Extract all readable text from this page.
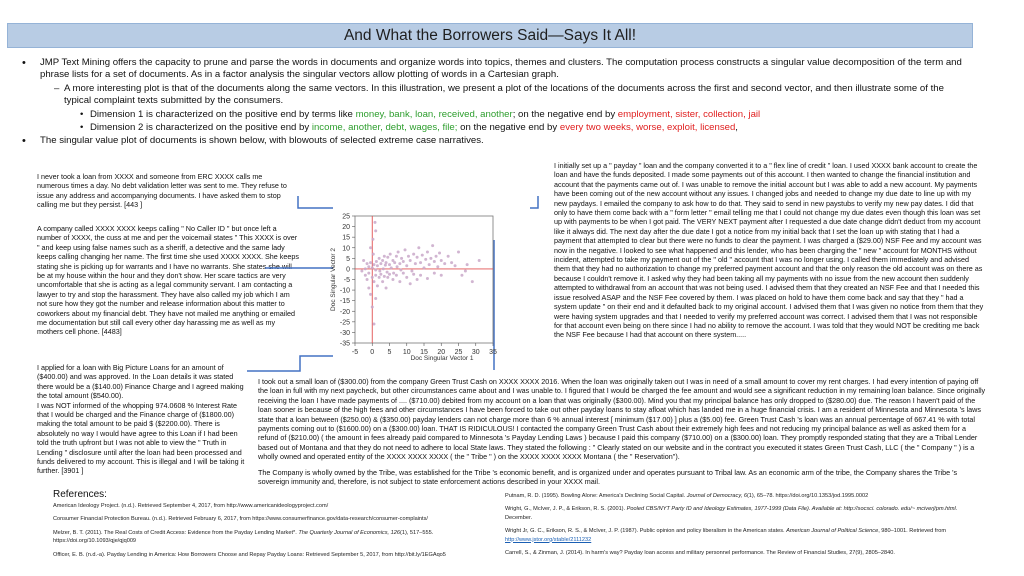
And What the Borrowers Said—Says It All!
•	JMP Text Mining offers the capacity to prune and parse the words in documents and organize words into topics, themes and clusters. The computation process constructs a singular value decomposition of the term and phrase lists for a set of documents. As in a factor analysis the singular vectors allow plotting of words in a Cartesian graph.
– A more interesting plot is that of the documents along the same vectors. In this illustration, we present a plot of the locations of the documents across the first and second vector, and then illustrate some of the typical complaint texts submitted by the consumers.
• Dimension 1 is characterized on the positive end by terms like money, bank, loan, received, another; on the negative end by employment, sister, collection, jail
• Dimension 2 is characterized on the positive end by income, another, debt, wages, file; on the negative end by every two weeks, worse, exploit, licensed,
•	The singular value plot of documents is shown below, with blowouts of selected extreme case narratives.
I never took a loan from XXXX and someone from ERC XXXX calls me numerous times a day. No debt validation letter was sent to me. They refuse to issue any address and accompanying documents. I have asked them to stop calling me but they persist. [443 ]
A company called XXXX XXXX keeps calling " No Caller ID " but once left a number of XXXX, the cuss at me and per the voicemail states " This XXXX is over " and keep using false names such as a sheriff, a detective and the same lady keeps calling changing her name. The first time she used XXXX XXXX. She keeps stating she is picking up for warrants and I have no warrants. She states she will be at my house within the hour and they don't show. Her scare tactics are very uncomfortable that she is acting as a legal community servant. I am contacting a lawyer to try and stop the harassment. They have also called my job which I am not sure how they got the number and release information about this matter to coworkers about my financial debt. They have not mailed me anything or emailed me documentation but still call every other day harassing me as well as my mothers cell phone. [4483]
I applied for a loan with Big Picture Loans for an amount of ($400.00) and was approved. In the Loan details it was stated there would be a ($140.00) Finance Charge and I agreed making the total amount ($540.00).
I was NOT informed of the whopping 974.0608 % Interest Rate that I would be charged and the Finance charge of ($1800.00) making the total amount to be paid $ ($2200.00). There is absolutely no way I would have agree to this Loan if I had been told the truth upfront but I was not able to view the " Truth in Lending " disclosure until after the loan had been processed and funds delivered to my account. This is illegal and I will be taking it further. [3901 ]
I initially set up a " payday " loan and the company converted it to a " flex line of credit " loan. I used XXXX bank account to create the loan and have the funds deposited. I made some payments out of this account. I then wanted to change the financial institution and account that the payments came out of. I was unable to remove the initial account but I was able to add a new account. My payments have been coming out of the new account without any issues. I changed jobs and needed to change my due date to line up with my new paydays. I emailed the company to ask how to do that. They said to send in new paystubs to verify my new pay dates. I did that only to have them come back with a " form letter " email telling me that I could not change my due dates even though this loan was set up with payments to be when I got paid. The VERY NEXT payment after I requested a due date change didn't deduct from my account like it always did. The next day after the due date I got a notice from my initial back that I set the loan up with stating that I had a payment that attempted to clear but there were no funds to clear the payment. I was charged a ($29.00) NSF Fee and my account was now in the negative. I looked to see what happened and this lender, who has been charging the " new " account for MONTHS without incident, attempted to take my payment out of the " old " account that I was no longer using. I called them immediately and advised them that they had no authorization to change my preferred payment account and that the only reason the old account was on there as because I couldn't remove it. I asked why they had been taking all my payments with no issue from the new account then suddenly attempted to withdrawal from an account that was not being used. I advised them that they created an NSF Fee and that I needed this issue resolved ASAP and the NSF Fee covered by them. I was placed on hold to have them come back and say that they " had a system update " on their end and it defaulted back to my original account. I advised them that I was given no notice from them that they were having system upgrades and that I needed to verify my preferred account was correct. I advised them that I was not responsible for that account even being on there since I had no ability to remove the account. I was told that they would NOT be crediting me back the NSF Fee because I had that account on there system.....
I took out a small loan of ($300.00) from the company Green Trust Cash on XXXX XXXX 2016. When the loan was originally taken out I was in need of a small amount to cover my rent charges. I had every intention of paying off the loan in full with my next paycheck, but other circumstances came about and I was unable to. I figured that I would be charged the fee amount and would see a significant reduction in my remaining loan balance. Since originally receiving the loan I have made payments of .... ($710.00) debited from my account on a loan that was originally ($300.00). Mind you that my principal balance has only dropped to ($280.00) due. The reason I haven't paid of the loan sooner is because of the high fees and other circumstances I have been forced to take out other payday loans to stay afloat which has landed me in a huge financial crisis. I am a resident of Minnesota and Minnesota 's laws state that a loan between ($250.00) & ($350.00) payday lenders can not charge more than 6 % annual interest [ minimum ($17.00) ] plus a ($5.00) fee. Green Trust Cash 's loan was an annual percentage of 667.41 % with total payments coming out to ($1600.00) on a ($300.00) loan. THAT IS RIDICULOUS! I contacted the company Green Trust Cash about their extremely high fees and not reducing my principal balance as well as asked them for a refund of ($210.00) ( the amount in fees already paid compared to Minnesota 's Payday Lending Laws ) because I paid this company ($710.00) on a ($300.00) loan. They promptly responded stating that they are a Tribal Lender based out of Montana and that they do not need to adhere to local State laws. They stated the following : " Clearly stated on our website and in the contract you executed it states Green Trust Cash, LLC ( the " Company " ) is a wholly owned and operated entity of the XXXX XXXX XXXX ( the " Tribe " ) on the XXXX XXXX XXXX Montana ( the " Reservation").
The Company is wholly owned by the Tribe, was established for the Tribe 's economic benefit, and is organized under and operates pursuant to Tribal law. As an economic arm of the tribe, the Company shares the Tribe 's sovereign immunity and, therefore, is not subject to state enforcement actions described in your XXXX mail.
25
20
15
10
5
0
-5
-10
-15
-20
-25
-30
-35
-5 0 5 10 15 20 25 30 35
Doc Singular Vector 1
Doc Singular Vector 2
References:

American Ideology Project. (n.d.). Retrieved September 4, 2017, from http://www.americanideologyproject.com/

Consumer Financial Protection Bureau. (n.d.). Retrieved February 6, 2017, from https://www.consumerfinance.gov/data-research/consumer-complaints/

Melzer, B. T. (2011). The Real Costs of Credit Access: Evidence from the Payday Lending Market*. The Quarterly Journal of Economics, 126(1), 517–555. https://doi.org/10.1093/qje/qjq009

Officer, E. B. (n.d.-a). Payday Lending in America: How Borrowers Choose and Repay Payday Loans: Retrieved September 5, 2017, from http://bit.ly/1EGAqo5

Putnam, R. D. (1995). Bowling Alone: America's Declining Social Capital. Journal of Democracy, 6(1), 65–78. https://doi.org/10.1353/jod.1995.0002

Wright, G., McIver, J. P., & Erikson, R. S. (2001). Pooled CBS/NYT Party ID and Ideology Estimates, 1977-1999 (Data File). Available at: http://socsci. colorado. edu/~ mciverj/pm.html. December.

Wright Jr, G. C., Erikson, R. S., & McIver, J. P. (1987). Public opinion and policy liberalism in the American states. American Journal of Political Science, 980–1001. Retrieved from http://www.jstor.org/stable/2111232

Carrell, S., & Zinman, J. (2014). In harm's way? Payday loan access and military personnel performance. The Review of Financial Studies, 27(9), 2805–2840.
